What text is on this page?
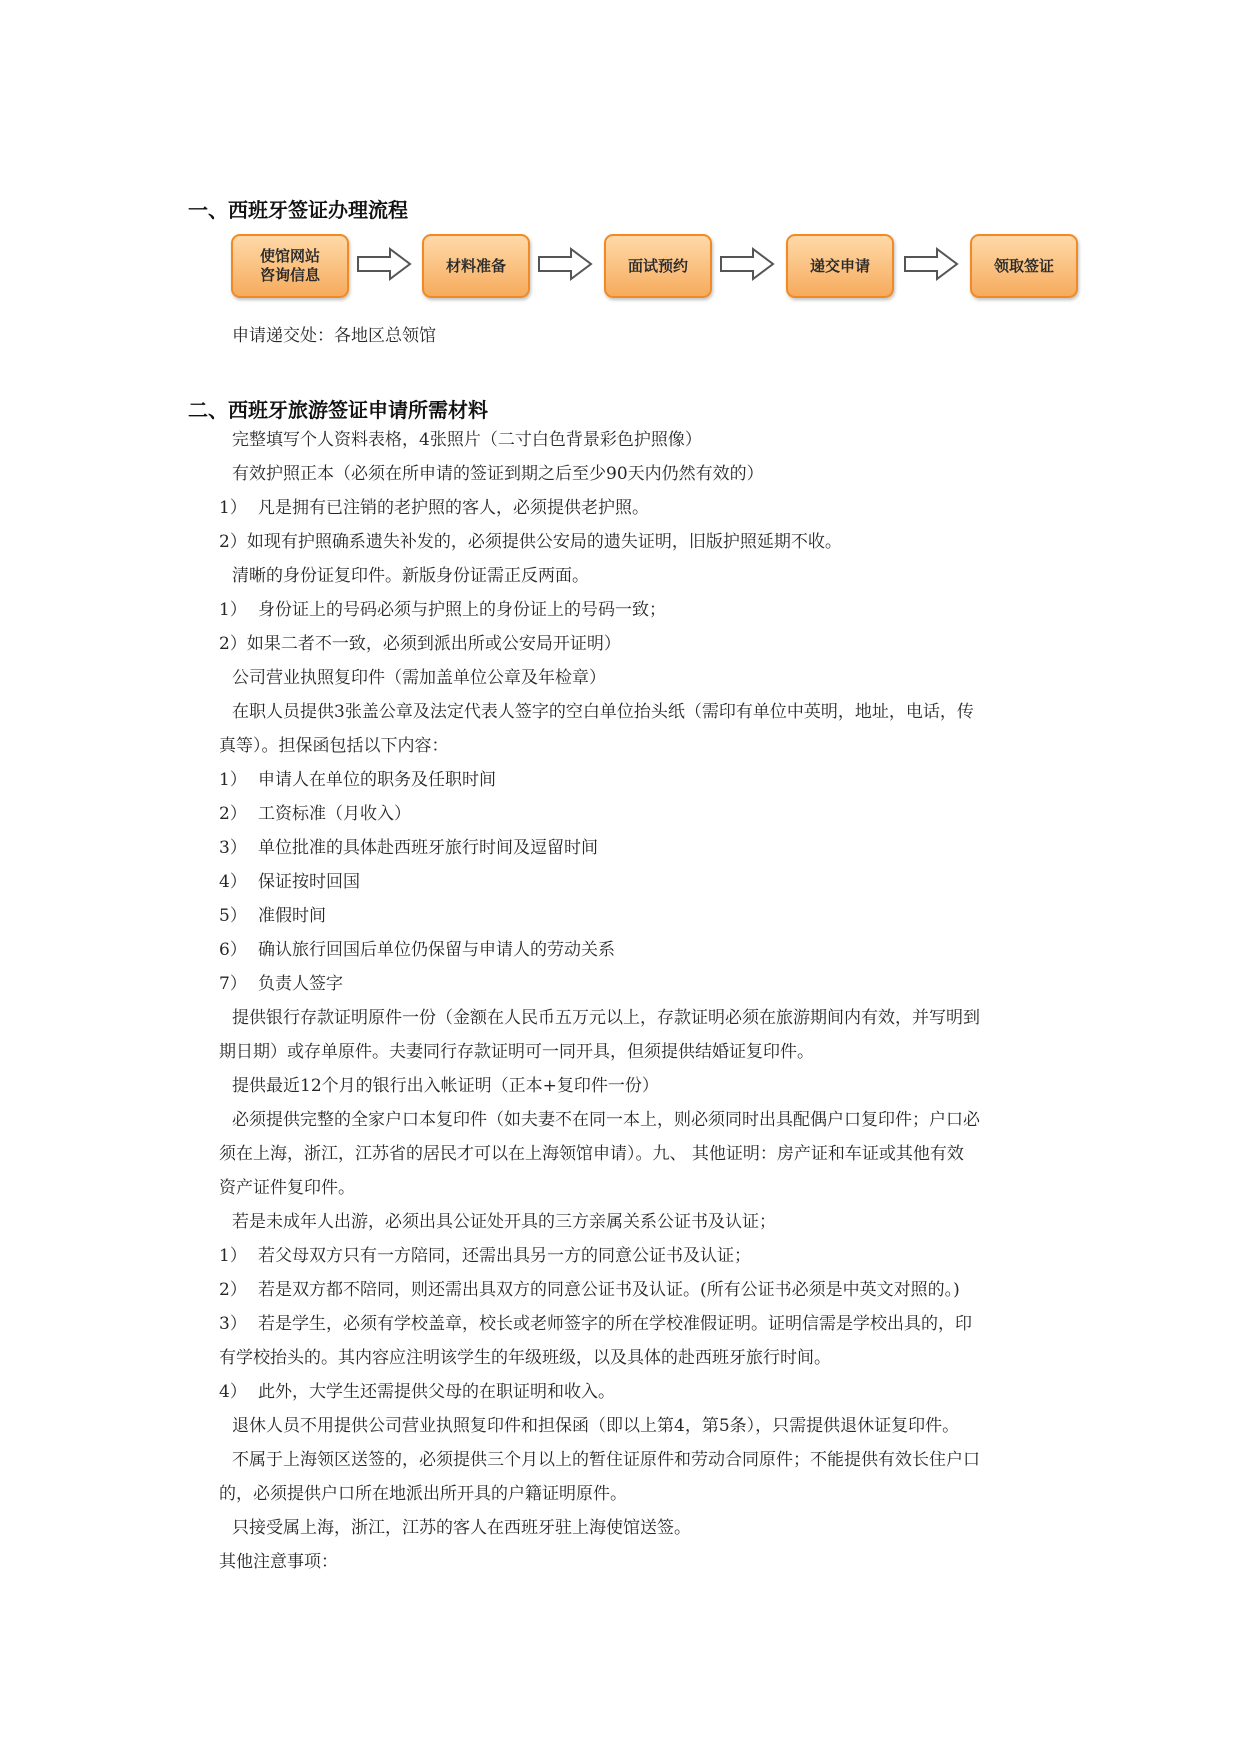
一、西班牙签证办理流程
使馆网站
咨询信息
材料准备	面试预约	递交申请	领取签证
申请递交处：各地区总领馆
二、西班牙旅游签证申请所需材料
完整填写个人资料表格，4张照片（二寸白色背景彩色护照像）
有效护照正本（必须在所申请的签证到期之后至少90天内仍然有效的）
1） 凡是拥有已注销的老护照的客人，必须提供老护照。
2）如现有护照确系遗失补发的，必须提供公安局的遗失证明，旧版护照延期不收。
清晰的身份证复印件。新版身份证需正反两面。
1） 身份证上的号码必须与护照上的身份证上的号码一致；
2）如果二者不一致，必须到派出所或公安局开证明）
公司营业执照复印件（需加盖单位公章及年检章）
在职人员提供3张盖公章及法定代表人签字的空白单位抬头纸（需印有单位中英明，地址，电话，传
真等）。担保函包括以下内容：
1） 申请人在单位的职务及任职时间
2） 工资标准（月收入）
3） 单位批准的具体赴西班牙旅行时间及逗留时间
4） 保证按时回国
5） 准假时间
6） 确认旅行回国后单位仍保留与申请人的劳动关系
7） 负责人签字
提供银行存款证明原件一份（金额在人民币五万元以上，存款证明必须在旅游期间内有效，并写明到
期日期）或存单原件。夫妻同行存款证明可一同开具，但须提供结婚证复印件。
提供最近12个月的银行出入帐证明（正本+复印件一份）
必须提供完整的全家户口本复印件（如夫妻不在同一本上，则必须同时出具配偶户口复印件；户口必
须在上海，浙江，江苏省的居民才可以在上海领馆申请）。九、 其他证明：房产证和车证或其他有效
资产证件复印件。
若是未成年人出游，必须出具公证处开具的三方亲属关系公证书及认证；
1） 若父母双方只有一方陪同，还需出具另一方的同意公证书及认证；
2） 若是双方都不陪同，则还需出具双方的同意公证书及认证。(所有公证书必须是中英文对照的。)
3） 若是学生，必须有学校盖章，校长或老师签字的所在学校准假证明。证明信需是学校出具的，印
有学校抬头的。其内容应注明该学生的年级班级，以及具体的赴西班牙旅行时间。
4） 此外，大学生还需提供父母的在职证明和收入。
退休人员不用提供公司营业执照复印件和担保函（即以上第4，第5条），只需提供退休证复印件。
不属于上海领区送签的，必须提供三个月以上的暂住证原件和劳动合同原件；不能提供有效长住户口
的，必须提供户口所在地派出所开具的户籍证明原件。
只接受属上海，浙江，江苏的客人在西班牙驻上海使馆送签。
其他注意事项：
